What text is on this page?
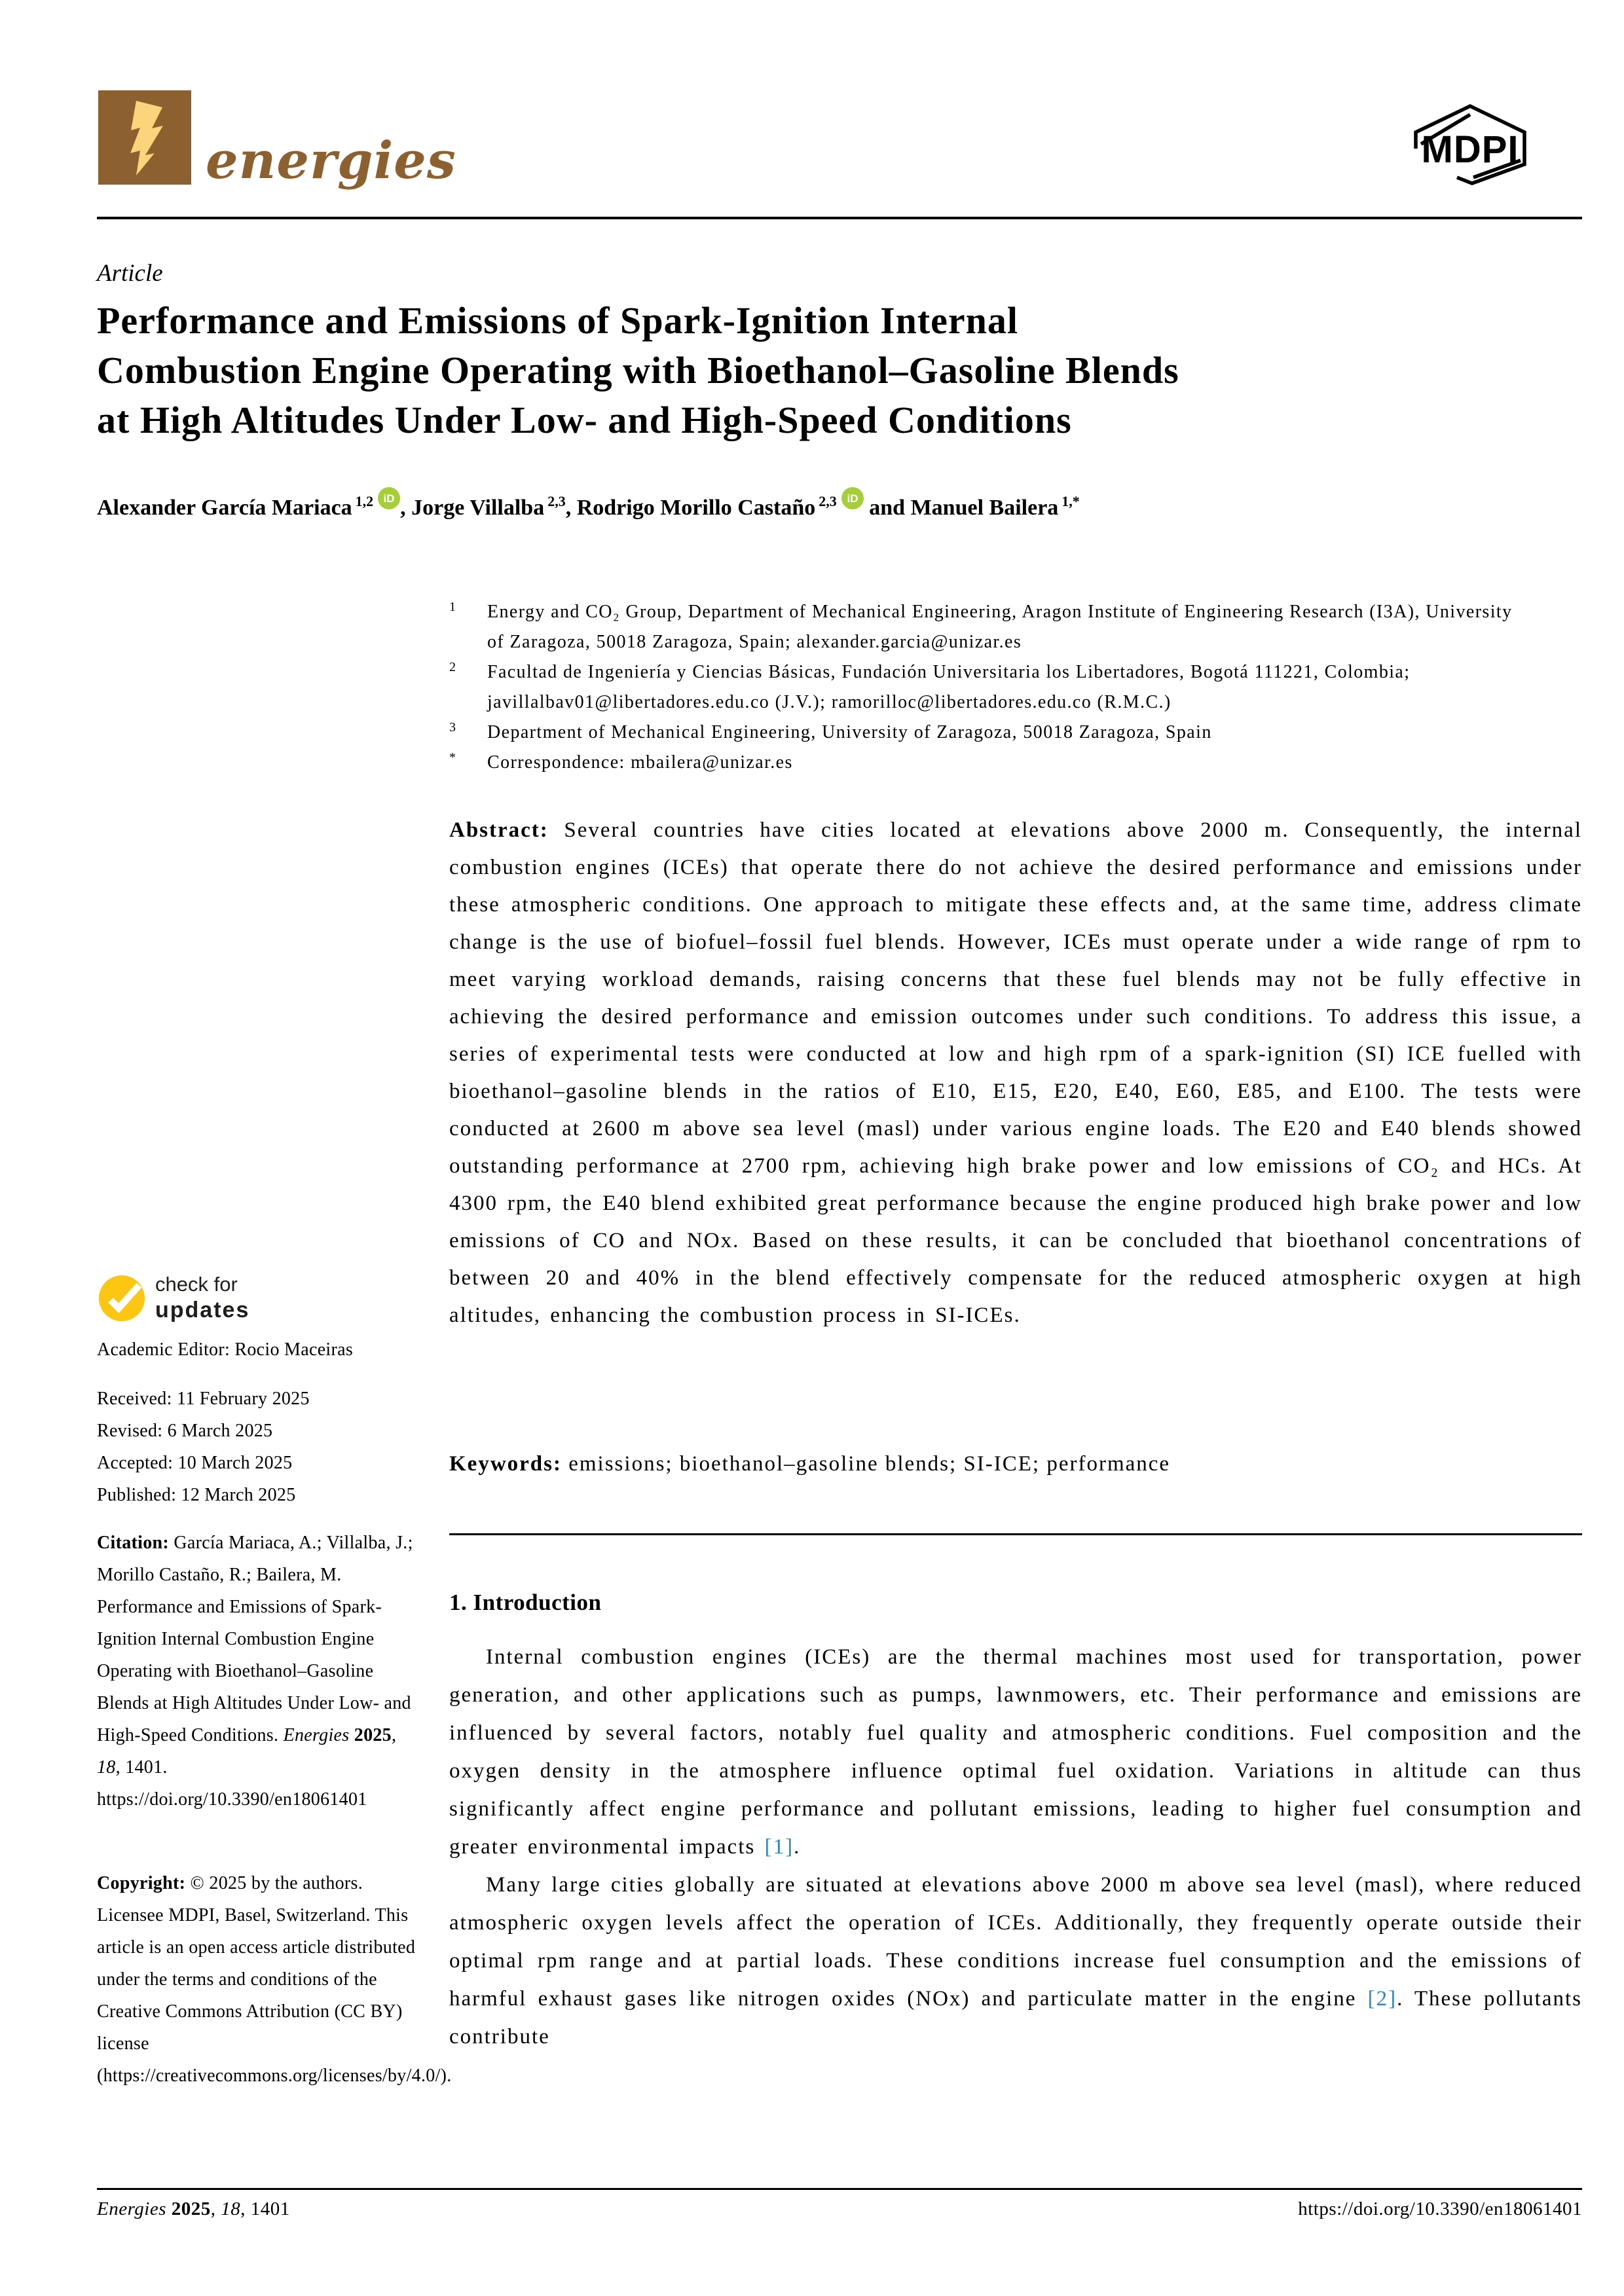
energies	MDPI
Article
Performance and Emissions of Spark-Ignition Internal
Combustion Engine Operating with Bioethanol–Gasoline Blends
at High Altitudes Under Low- and High-Speed Conditions
Alexander García Mariaca $^{1,2}$ iD , Jorge Villalba $^{2,3}$, Rodrigo Morillo Castaño $^{2,3}$ iD and Manuel Bailera $^{1,*}$
1	Energy and CO₂ Group, Department of Mechanical Engineering, Aragon Institute of Engineering Research (I3A), University of Zaragoza, 50018 Zaragoza, Spain; alexander.garcia@unizar.es
2	Facultad de Ingeniería y Ciencias Básicas, Fundación Universitaria los Libertadores, Bogotá 111221, Colombia; javillalbav01@libertadores.edu.co (J.V.); ramorilloc@libertadores.edu.co (R.M.C.)
3	Department of Mechanical Engineering, University of Zaragoza, 50018 Zaragoza, Spain
*	Correspondence: mbailera@unizar.es
check for
updates
Academic Editor: Rocio Maceiras
Received: 11 February 2025
Revised: 6 March 2025
Accepted: 10 March 2025
Published: 12 March 2025
Citation: García Mariaca, A.; Villalba, J.; Morillo Castaño, R.; Bailera, M. Performance and Emissions of Spark-Ignition Internal Combustion Engine Operating with Bioethanol–Gasoline Blends at High Altitudes Under Low- and High-Speed Conditions. Energies 2025, 18, 1401. https://doi.org/10.3390/en18061401
Copyright: © 2025 by the authors. Licensee MDPI, Basel, Switzerland. This article is an open access article distributed under the terms and conditions of the Creative Commons Attribution (CC BY) license (https://creativecommons.org/licenses/by/4.0/).
Abstract: Several countries have cities located at elevations above 2000 m. Consequently, the internal combustion engines (ICEs) that operate there do not achieve the desired performance and emissions under these atmospheric conditions. One approach to mitigate these effects and, at the same time, address climate change is the use of biofuel–fossil fuel blends. However, ICEs must operate under a wide range of rpm to meet varying workload demands, raising concerns that these fuel blends may not be fully effective in achieving the desired performance and emission outcomes under such conditions. To address this issue, a series of experimental tests were conducted at low and high rpm of a spark-ignition (SI) ICE fuelled with bioethanol–gasoline blends in the ratios of E10, E15, E20, E40, E60, E85, and E100. The tests were conducted at 2600 m above sea level (masl) under various engine loads. The E20 and E40 blends showed outstanding performance at 2700 rpm, achieving high brake power and low emissions of CO₂ and HCs. At 4300 rpm, the E40 blend exhibited great performance because the engine produced high brake power and low emissions of CO and NOx. Based on these results, it can be concluded that bioethanol concentrations of between 20 and 40% in the blend effectively compensate for the reduced atmospheric oxygen at high altitudes, enhancing the combustion process in SI-ICEs.
Keywords: emissions; bioethanol–gasoline blends; SI-ICE; performance
1. Introduction

Internal combustion engines (ICEs) are the thermal machines most used for transportation, power generation, and other applications such as pumps, lawnmowers, etc. Their performance and emissions are influenced by several factors, notably fuel quality and atmospheric conditions. Fuel composition and the oxygen density in the atmosphere influence optimal fuel oxidation. Variations in altitude can thus significantly affect engine performance and pollutant emissions, leading to higher fuel consumption and greater environmental impacts [1].

Many large cities globally are situated at elevations above 2000 m above sea level (masl), where reduced atmospheric oxygen levels affect the operation of ICEs. Additionally, they frequently operate outside their optimal rpm range and at partial loads. These conditions increase fuel consumption and the emissions of harmful exhaust gases like nitrogen oxides (NOx) and particulate matter in the engine [2]. These pollutants contribute

Energies 2025, 18, 1401	https://doi.org/10.3390/en18061401
